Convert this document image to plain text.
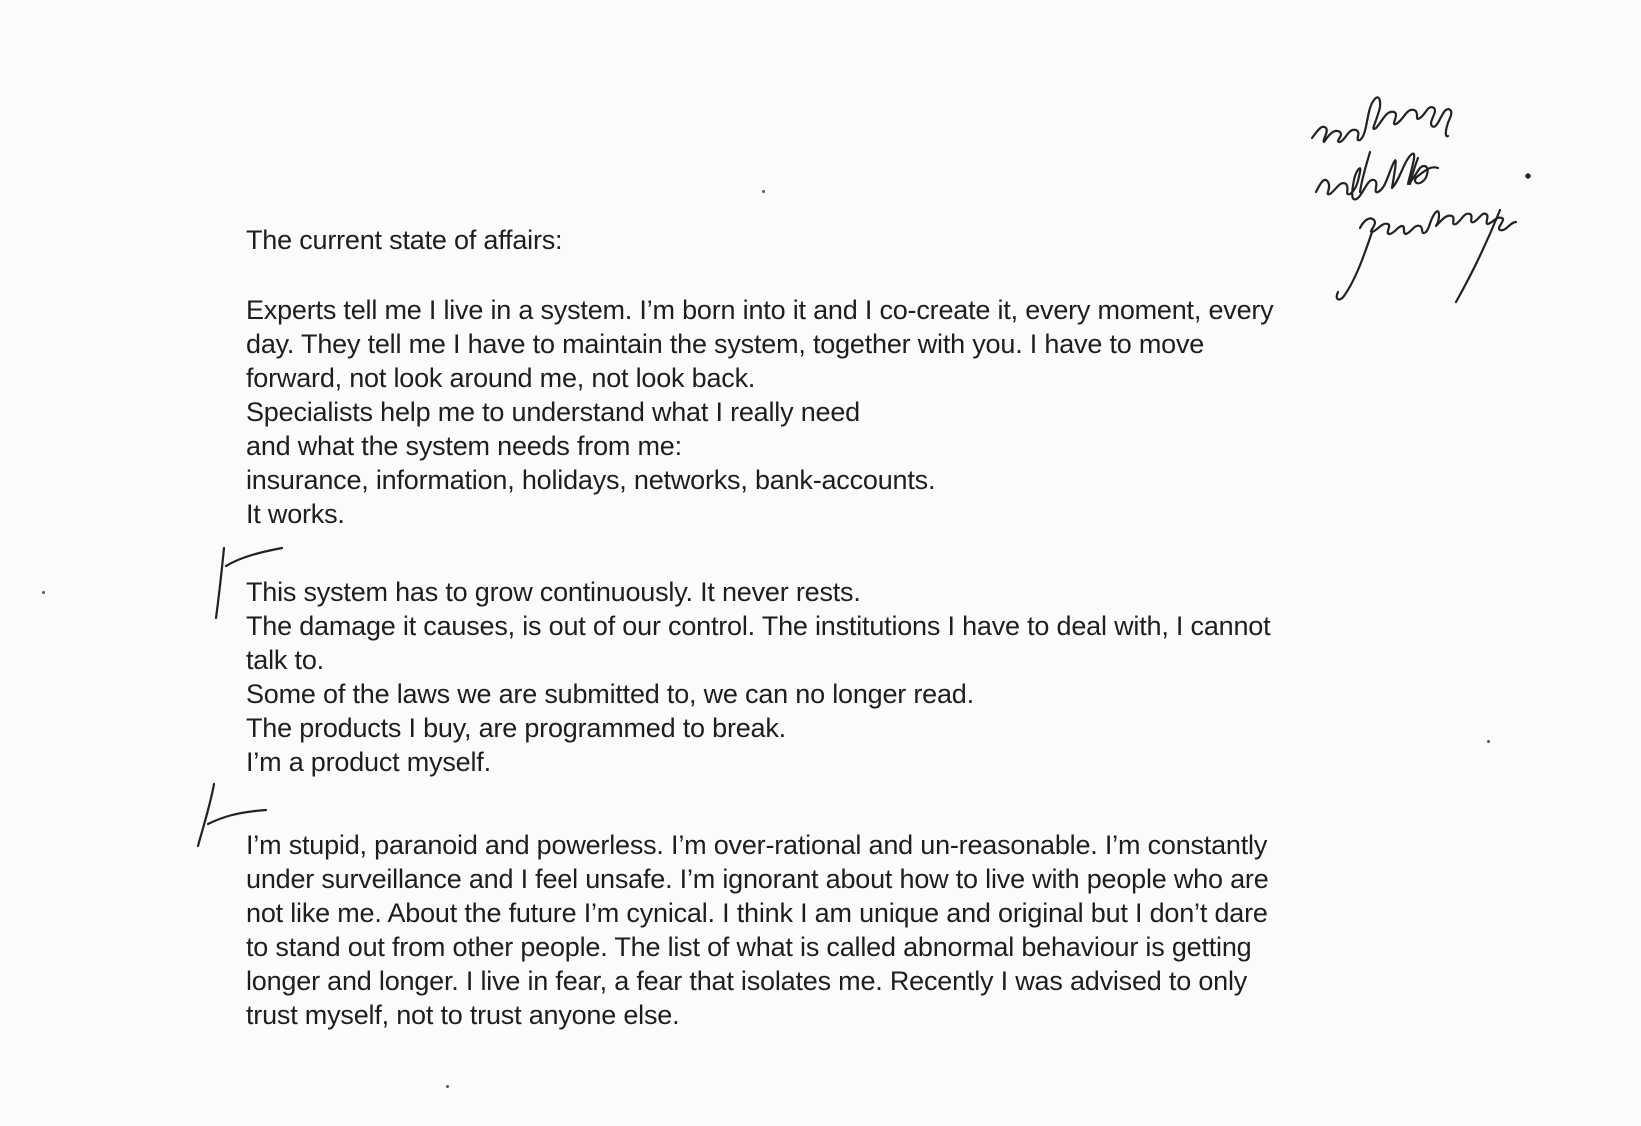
The current state of affairs:

Experts tell me I live in a system. I’m born into it and I co-create it, every moment, every

day. They tell me I have to maintain the system, together with you. I have to move

forward, not look around me, not look back.

Specialists help me to understand what I really need

and what the system needs from me:

insurance, information, holidays, networks, bank-accounts.

It works.

This system has to grow continuously. It never rests.

The damage it causes, is out of our control. The institutions I have to deal with, I cannot

talk to.

Some of the laws we are submitted to, we can no longer read.

The products I buy, are programmed to break.

I’m a product myself.

I’m stupid, paranoid and powerless. I’m over-rational and un-reasonable. I’m constantly

under surveillance and I feel unsafe. I’m ignorant about how to live with people who are

not like me. About the future I’m cynical. I think I am unique and original but I don’t dare

to stand out from other people. The list of what is called abnormal behaviour is getting

longer and longer. I live in fear, a fear that isolates me. Recently I was advised to only

trust myself, not to trust anyone else.
